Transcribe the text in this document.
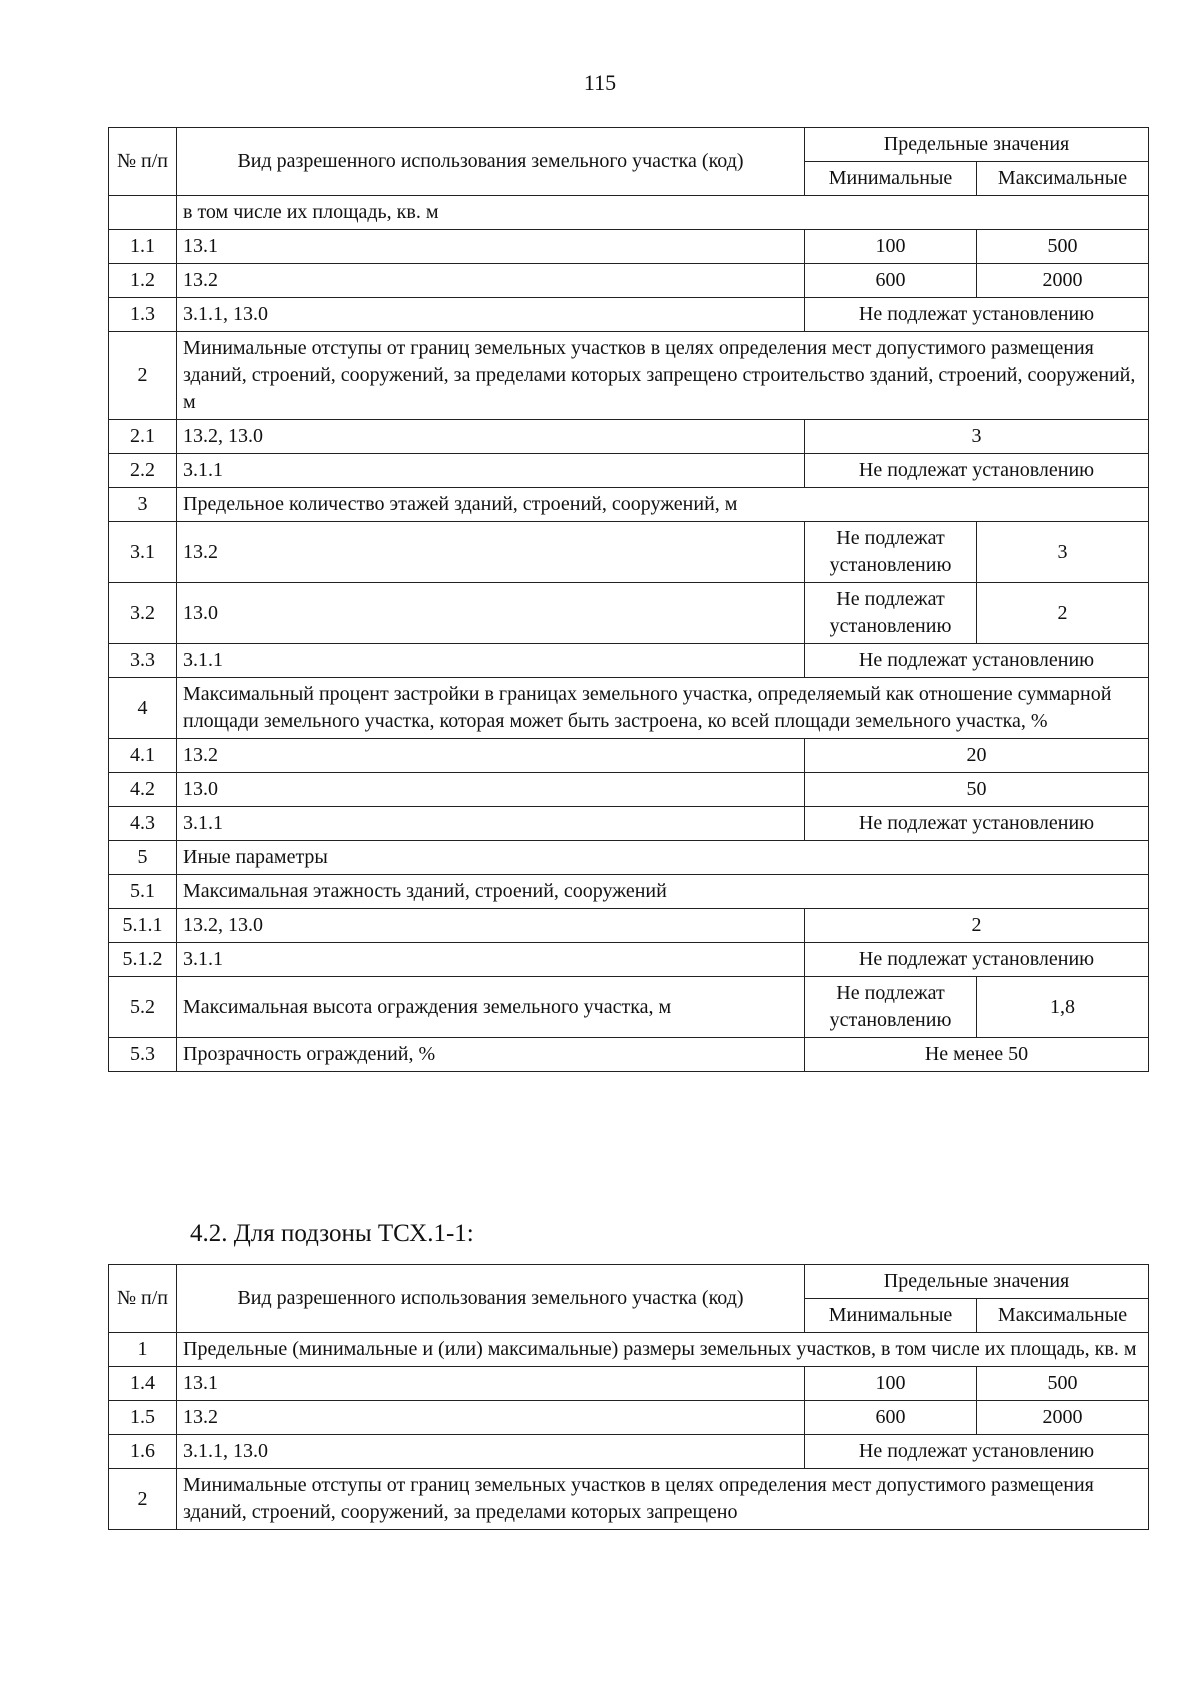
115
№ п/п	Вид разрешенного использования земельного участка (код)	Предельные значения	
		Минимальные	Максимальные
	в том числе их площадь, кв. м		
1.1	13.1	100	500
1.2	13.2	600	2000
1.3	3.1.1, 13.0	Не подлежат установлению	
2	Минимальные отступы от границ земельных участков в целях определения мест допустимого размещения зданий, строений, сооружений, за пределами которых запрещено строительство зданий, строений, сооружений, м		
2.1	13.2, 13.0	3	
2.2	3.1.1	Не подлежат установлению	
3	Предельное количество этажей зданий, строений, сооружений, м		
3.1	13.2	Не подлежат установлению	3
3.2	13.0	Не подлежат установлению	2
3.3	3.1.1	Не подлежат установлению	
4	Максимальный процент застройки в границах земельного участка, определяемый как отношение суммарной площади земельного участка, которая может быть застроена, ко всей площади земельного участка, %		
4.1	13.2	20	
4.2	13.0	50	
4.3	3.1.1	Не подлежат установлению	
5	Иные параметры		
5.1	Максимальная этажность зданий, строений, сооружений		
5.1.1	13.2, 13.0	2	
5.1.2	3.1.1	Не подлежат установлению	
5.2	Максимальная высота ограждения земельного участка, м	Не подлежат установлению	1,8
5.3	Прозрачность ограждений, %	Не менее 50	
4.2. Для подзоны ТСХ.1-1:
№ п/п	Вид разрешенного использования земельного участка (код)	Предельные значения	
		Минимальные	Максимальные
1	Предельные (минимальные и (или) максимальные) размеры земельных участков, в том числе их площадь, кв. м		
1.4	13.1	100	500
1.5	13.2	600	2000
1.6	3.1.1, 13.0	Не подлежат установлению	
2	Минимальные отступы от границ земельных участков в целях определения мест допустимого размещения зданий, строений, сооружений, за пределами которых запрещено		
